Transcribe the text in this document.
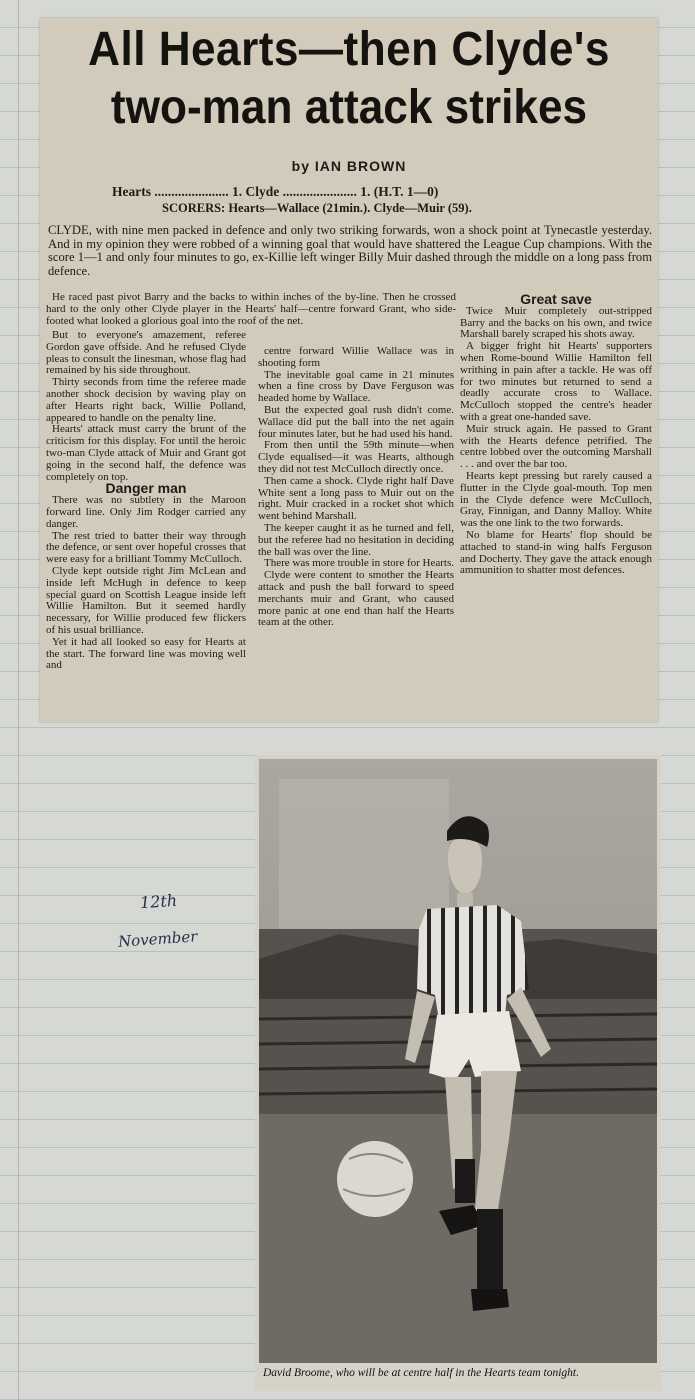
All Hearts—then Clyde's
two-man attack strikes
by IAN BROWN
Hearts ...................... 1. Clyde ...................... 1. (H.T. 1—0)
SCORERS: Hearts—Wallace (21min.). Clyde—Muir (59).
CLYDE, with nine men packed in defence and only two striking forwards, won a shock point at Tynecastle yesterday. And in my opinion they were robbed of a winning goal that would have shattered the League Cup champions. With the score 1—1 and only four minutes to go, ex-Killie left winger Billy Muir dashed through the middle on a long pass from defence.

He raced past pivot Barry and the backs to within inches of the by-line. Then he crossed hard to the only other Clyde player in the Hearts' half—centre forward Grant, who side-footed what looked a glorious goal into the roof of the net.

But to everyone's amazement, referee Gordon gave offside. And he refused Clyde pleas to consult the linesman, whose flag had remained by his side throughout.

Thirty seconds from time the referee made another shock decision by waving play on after Hearts right back, Willie Polland, appeared to handle on the penalty line.

Hearts' attack must carry the brunt of the criticism for this display. For until the heroic two-man Clyde attack of Muir and Grant got going in the second half, the defence was completely on top.

Danger man

There was no subtlety in the Maroon forward line. Only Jim Rodger carried any danger.

The rest tried to batter their way through the defence, or sent over hopeful crosses that were easy for a brilliant Tommy McCulloch.

Clyde kept outside right Jim McLean and inside left McHugh in defence to keep special guard on Scottish League inside left Willie Hamilton. But it seemed hardly necessary, for Willie produced few flickers of his usual brilliance.

Yet it had all looked so easy for Hearts at the start. The forward line was moving well and

centre forward Willie Wallace was in shooting form

The inevitable goal came in 21 minutes when a fine cross by Dave Ferguson was headed home by Wallace.

But the expected goal rush didn't come. Wallace did put the ball into the net again four minutes later, but he had used his hand.

From then until the 59th minute—when Clyde equalised—it was Hearts, although they did not test McCulloch directly once.

Then came a shock. Clyde right half Dave White sent a long pass to Muir out on the right. Muir cracked in a rocket shot which went behind Marshall.

The keeper caught it as he turned and fell, but the referee had no hesitation in deciding the ball was over the line.

There was more trouble in store for Hearts.

Clyde were content to smother the Hearts attack and push the ball forward to speed merchants muir and Grant, who caused more panic at one end than half the Hearts team at the other.

Great save

Twice Muir completely out-stripped Barry and the backs on his own, and twice Marshall barely scraped his shots away.

A bigger fright hit Hearts' supporters when Rome-bound Willie Hamilton fell writhing in pain after a tackle. He was off for two minutes but returned to send a deadly accurate cross to Wallace. McCulloch stopped the centre's header with a great one-handed save.

Muir struck again. He passed to Grant with the Hearts defence petrified. The centre lobbed over the outcoming Marshall . . . and over the bar too.

Hearts kept pressing but rarely caused a flutter in the Clyde goal-mouth. Top men in the Clyde defence were McCulloch, Gray, Finnigan, and Danny Malloy. White was the one link to the two forwards.

No blame for Hearts' flop should be attached to stand-in wing halfs Ferguson and Docherty. They gave the attack enough ammunition to shatter most defences.

12th
November
David Broome, who will be at centre half in the Hearts team tonight.
